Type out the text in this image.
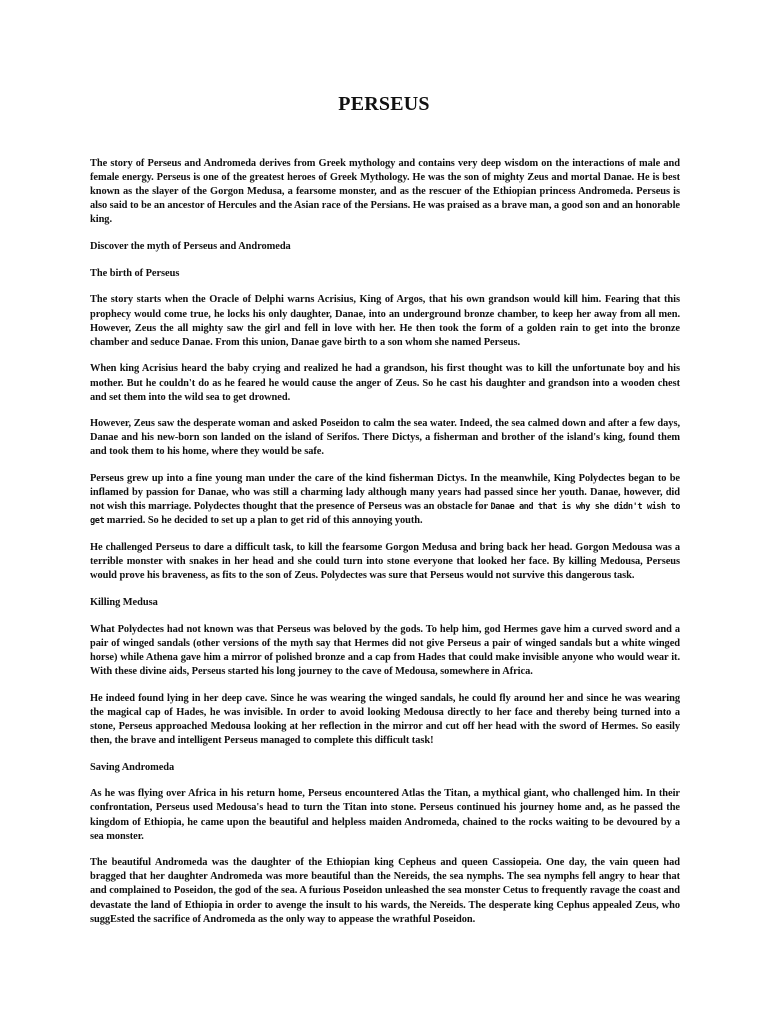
PERSEUS

The story of Perseus and Andromeda derives from Greek mythology and contains very deep wisdom on the interactions of male and female energy. Perseus is one of the greatest heroes of Greek Mythology. He was the son of mighty Zeus and mortal Danae. He is best known as the slayer of the Gorgon Medusa, a fearsome monster, and as the rescuer of the Ethiopian princess Andromeda. Perseus is also said to be an ancestor of Hercules and the Asian race of the Persians. He was praised as a brave man, a good son and an honorable king.

Discover the myth of Perseus and Andromeda

The birth of Perseus

The story starts when the Oracle of Delphi warns Acrisius, King of Argos, that his own grandson would kill him. Fearing that this prophecy would come true, he locks his only daughter, Danae, into an underground bronze chamber, to keep her away from all men. However, Zeus the all mighty saw the girl and fell in love with her. He then took the form of a golden rain to get into the bronze chamber and seduce Danae. From this union, Danae gave birth to a son whom she named Perseus.

When king Acrisius heard the baby crying and realized he had a grandson, his first thought was to kill the unfortunate boy and his mother. But he couldn't do as he feared he would cause the anger of Zeus. So he cast his daughter and grandson into a wooden chest and set them into the wild sea to get drowned.

However, Zeus saw the desperate woman and asked Poseidon to calm the sea water. Indeed, the sea calmed down and after a few days, Danae and his new-born son landed on the island of Serifos. There Dictys, a fisherman and brother of the island's king, found them and took them to his home, where they would be safe.

Perseus grew up into a fine young man under the care of the kind fisherman Dictys. In the meanwhile, King Polydectes began to be inflamed by passion for Danae, who was still a charming lady although many years had passed since her youth. Danae, however, did not wish this marriage. Polydectes thought that the presence of Perseus was an obstacle for Danae and that is why she didn't wish to get married. So he decided to set up a plan to get rid of this annoying youth.

He challenged Perseus to dare a difficult task, to kill the fearsome Gorgon Medusa and bring back her head. Gorgon Medousa was a terrible monster with snakes in her head and she could turn into stone everyone that looked her face. By killing Medousa, Perseus would prove his braveness, as fits to the son of Zeus. Polydectes was sure that Perseus would not survive this dangerous task.

Killing Medusa

What Polydectes had not known was that Perseus was beloved by the gods. To help him, god Hermes gave him a curved sword and a pair of winged sandals (other versions of the myth say that Hermes did not give Perseus a pair of winged sandals but a white winged horse) while Athena gave him a mirror of polished bronze and a cap from Hades that could make invisible anyone who would wear it. With these divine aids, Perseus started his long journey to the cave of Medousa, somewhere in Africa.

He indeed found lying in her deep cave. Since he was wearing the winged sandals, he could fly around her and since he was wearing the magical cap of Hades, he was invisible. In order to avoid looking Medousa directly to her face and thereby being turned into a stone, Perseus approached Medousa looking at her reflection in the mirror and cut off her head with the sword of Hermes. So easily then, the brave and intelligent Perseus managed to complete this difficult task!

Saving Andromeda

As he was flying over Africa in his return home, Perseus encountered Atlas the Titan, a mythical giant, who challenged him. In their confrontation, Perseus used Medousa's head to turn the Titan into stone. Perseus continued his journey home and, as he passed the kingdom of Ethiopia, he came upon the beautiful and helpless maiden Andromeda, chained to the rocks waiting to be devoured by a sea monster.

The beautiful Andromeda was the daughter of the Ethiopian king Cepheus and queen Cassiopeia. One day, the vain queen had bragged that her daughter Andromeda was more beautiful than the Nereids, the sea nymphs. The sea nymphs fell angry to hear that and complained to Poseidon, the god of the sea. A furious Poseidon unleashed the sea monster Cetus to frequently ravage the coast and devastate the land of Ethiopia in order to avenge the insult to his wards, the Nereids. The desperate king Cephus appealed Zeus, who suggEsted the sacrifice of Andromeda as the only way to appease the wrathful Poseidon.
